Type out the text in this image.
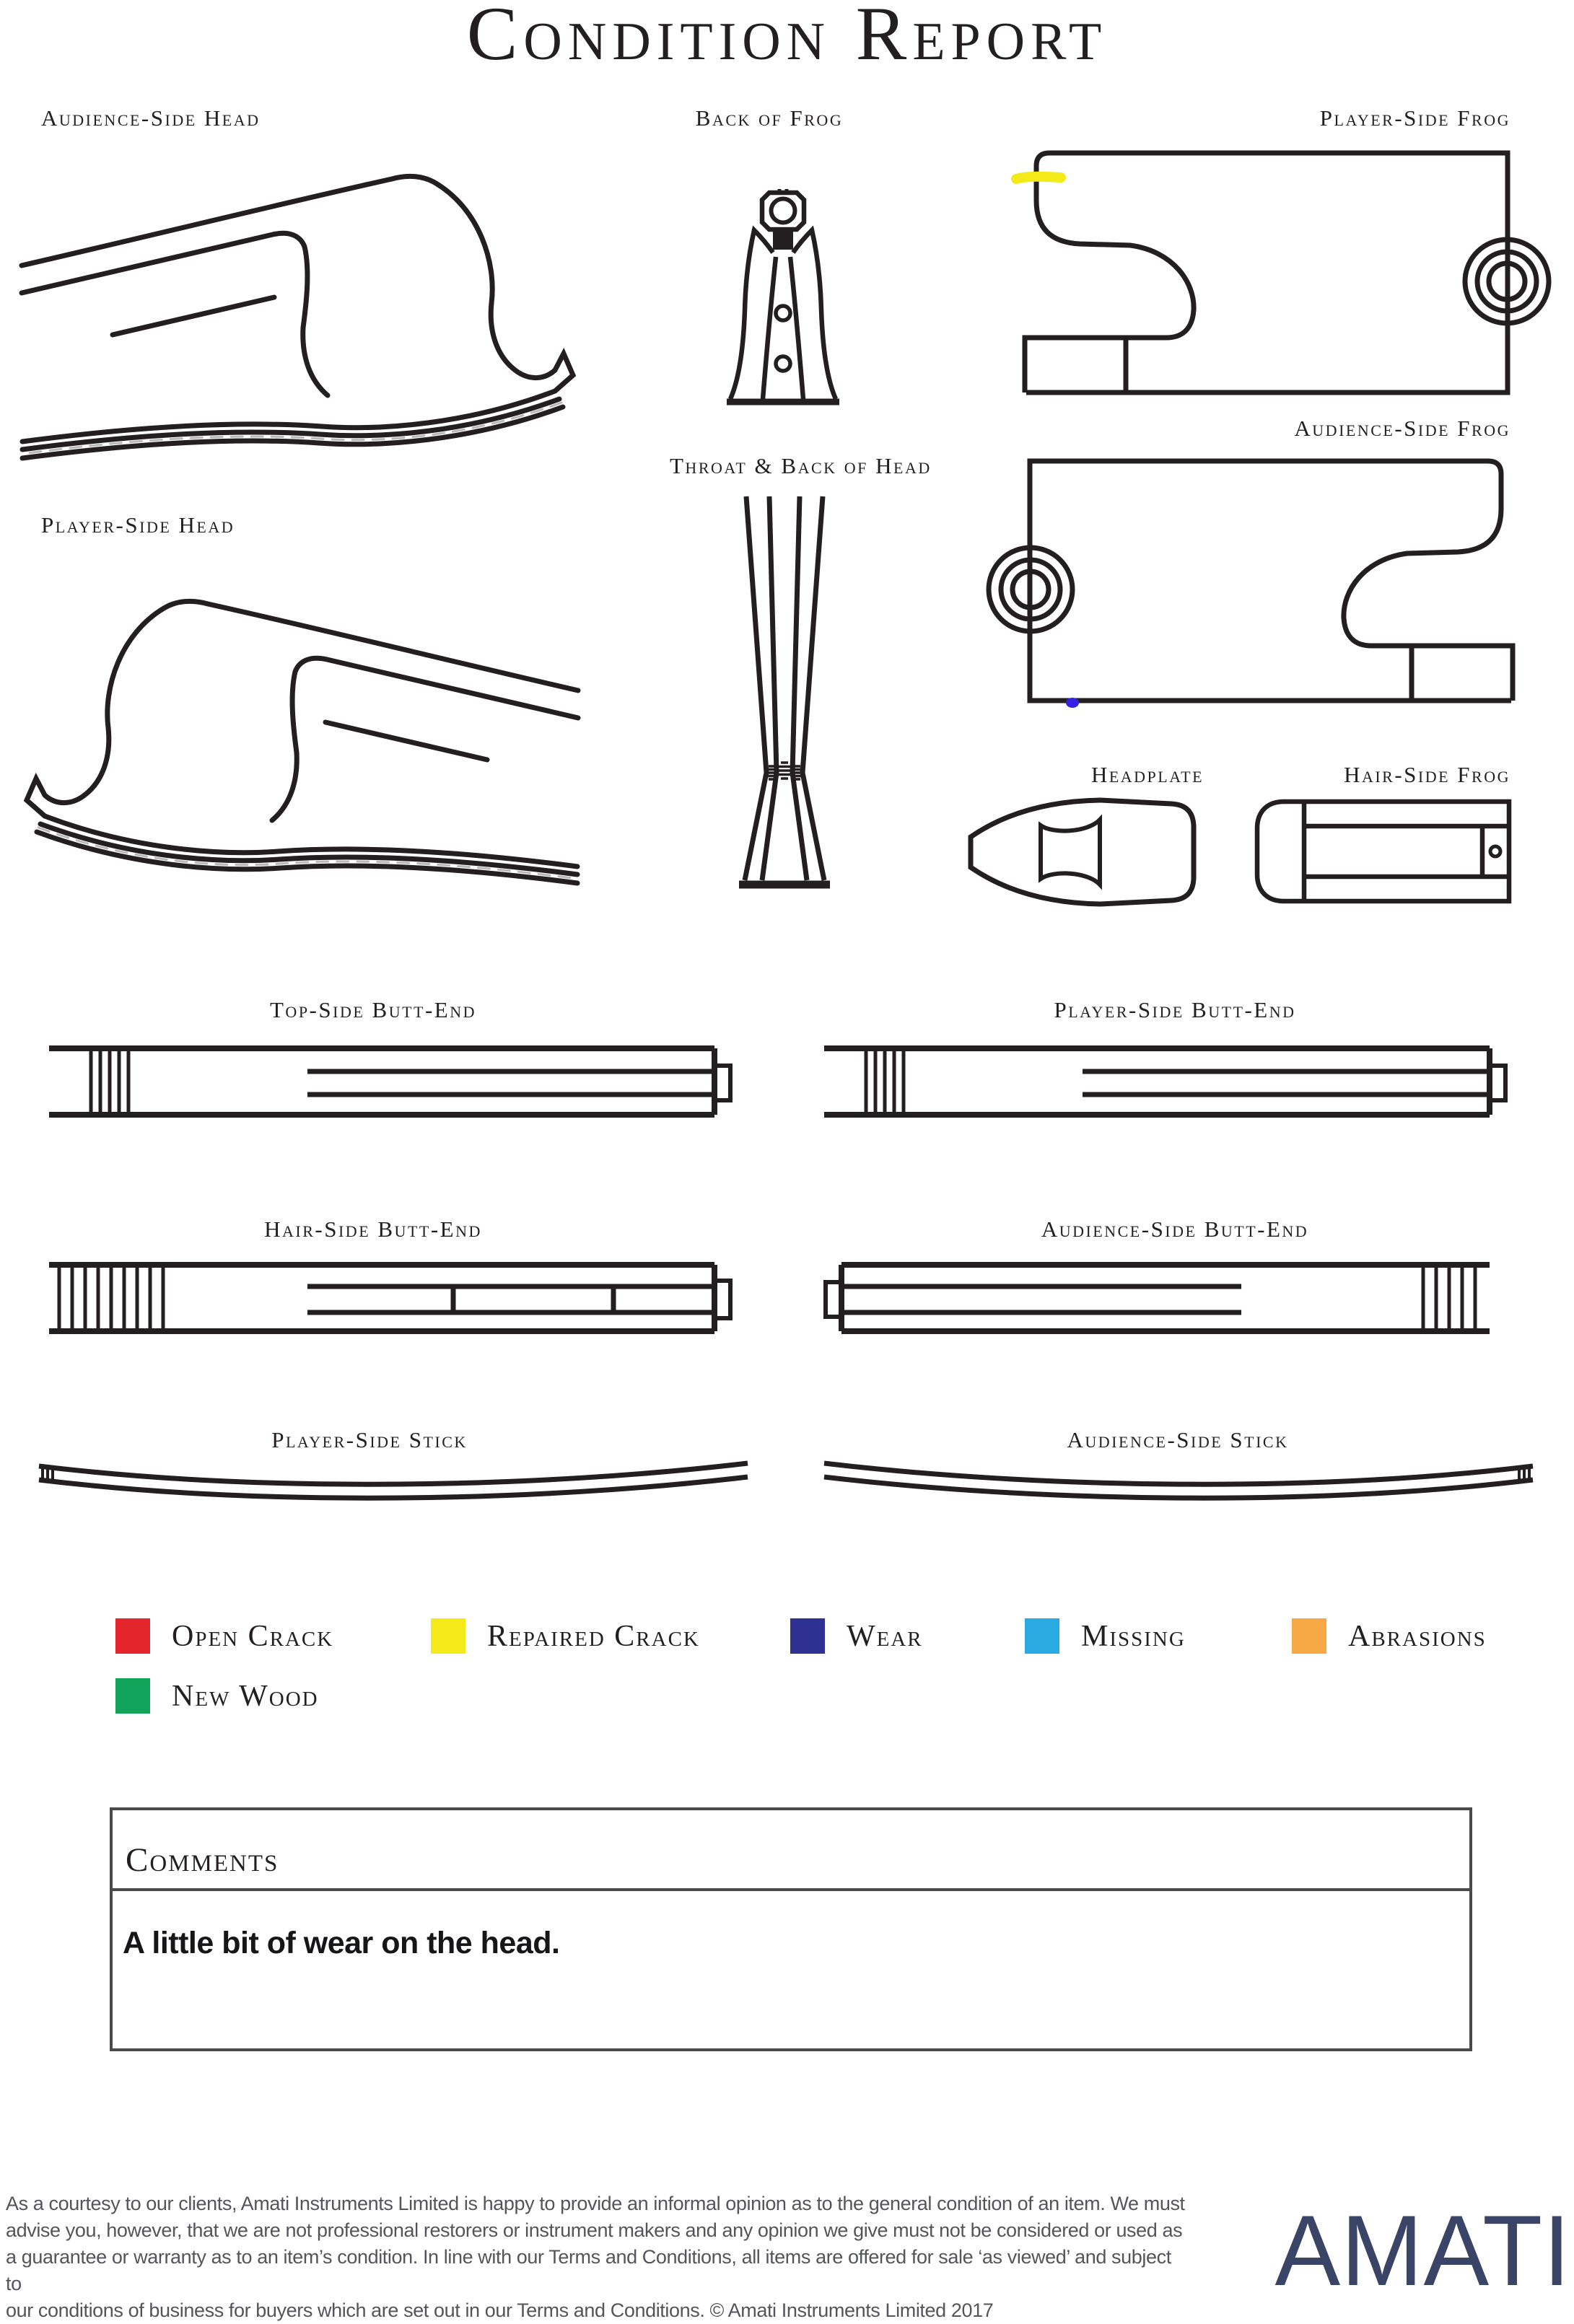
Condition Report
Audience-Side Head	Back of Frog	Player-Side Frog
Audience-Side Frog
Player-Side Head
Throat & Back of Head
Headplate	Hair-Side Frog
Top-Side Butt-End	Player-Side Butt-End
Hair-Side Butt-End	Audience-Side Butt-End
Player-Side Stick	Audience-Side Stick
Open Crack	Repaired Crack	Wear	Missing	Abrasions
New Wood
Comments
A little bit of wear on the head.
As a courtesy to our clients, Amati Instruments Limited is happy to provide an informal opinion as to the general condition of an item. We must
advise you, however, that we are not professional restorers or instrument makers and any opinion we give must not be considered or used as
a guarantee or warranty as to an item’s condition. In line with our Terms and Conditions, all items are offered for sale ‘as viewed’ and subject to
our conditions of business for buyers which are set out in our Terms and Conditions. © Amati Instruments Limited 2017
AMATI
